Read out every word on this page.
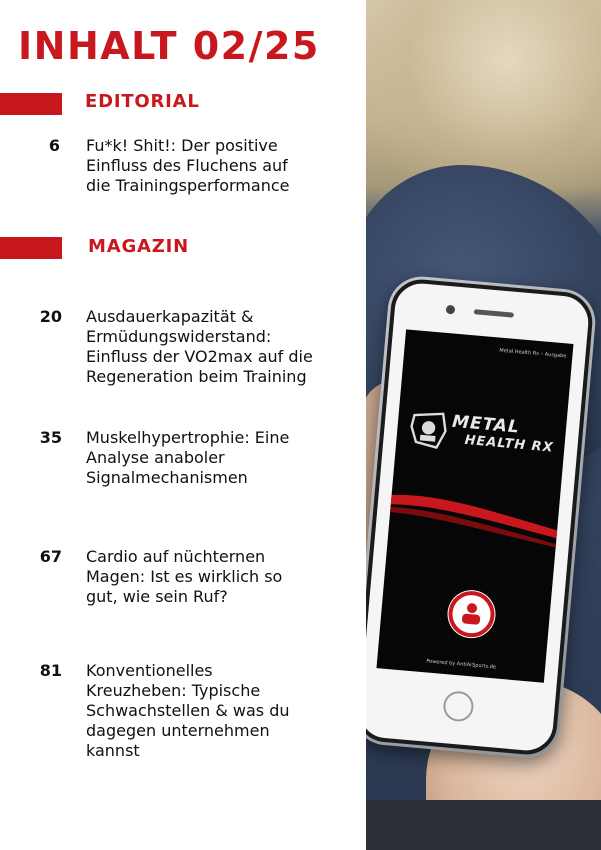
INHALT 02/25
EDITORIAL
6 Fu*k! Shit!: Der positive
Einfluss des Fluchens auf
die Trainingsperformance
MAGAZIN
20 Ausdauerkapazität &
Ermüdungswiderstand:
Einfluss der VO2max auf die
Regeneration beim Training
35 Muskelhypertrophie: Eine
Analyse anaboler
Signalmechanismen
67 Cardio auf nüchternen
Magen: Ist es wirklich so
gut, wie sein Ruf?
81 Konventionelles
Kreuzheben: Typische
Schwachstellen & was du
dagegen unternehmen
kannst
Metal Health Rx – Ausgabe
METAL
HEALTH RX
Powered by AntiArSports.de
